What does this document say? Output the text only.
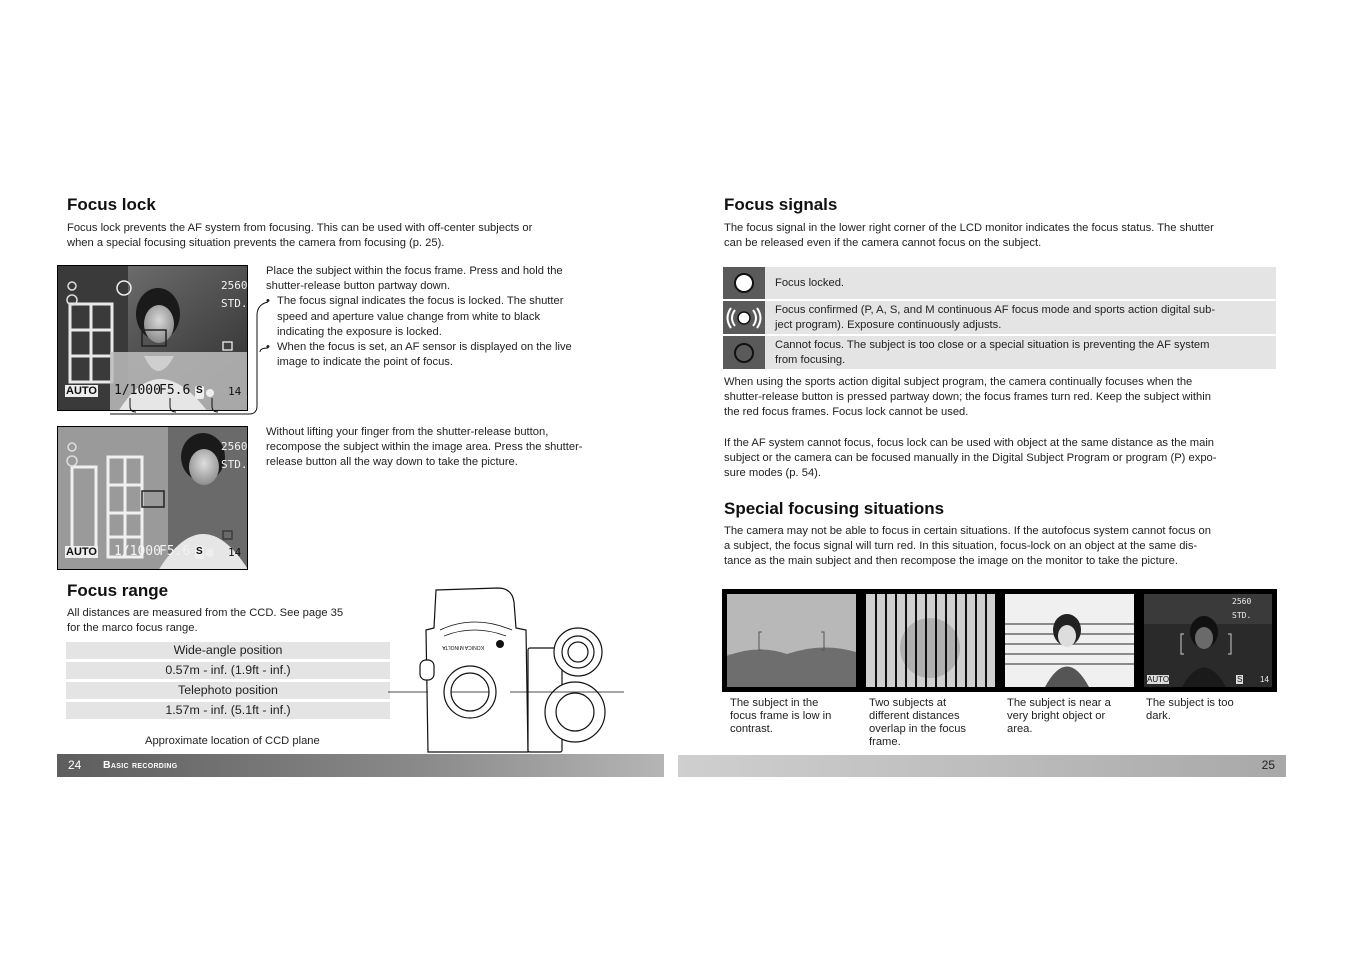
Focus lock
Focus lock prevents the AF system from focusing. This can be used with off-center subjects or
when a special focusing situation prevents the camera from focusing (p. 25).
2560
STD.
AUTO 1/1000
F5.6 S 14
Place the subject within the focus frame. Press and hold the
shutter-release button partway down.
• The focus signal indicates the focus is locked. The shutter
speed and aperture value change from white to black
indicating the exposure is locked.
• When the focus is set, an AF sensor is displayed on the live
image to indicate the point of focus.
2560
STD.
AUTO 1/1000
F5.6 S 14
Without lifting your finger from the shutter-release button,
recompose the subject within the image area. Press the shutter-
release button all the way down to take the picture.
Focus range
All distances are measured from the CCD. See page 35
for the marco focus range.
Wide-angle position
0.57m - inf. (1.9ft - inf.)
Telephoto position
1.57m - inf. (5.1ft - inf.)
Approximate location of CCD plane
KONICA MINOLTA
24 Basic recording
Focus signals
The focus signal in the lower right corner of the LCD monitor indicates the focus status. The shutter
can be released even if the camera cannot focus on the subject.
Focus locked.
Focus confirmed (P, A, S, and M continuous AF focus mode and sports action digital sub-
ject program). Exposure continuously adjusts.
Cannot focus. The subject is too close or a special situation is preventing the AF system
from focusing.
When using the sports action digital subject program, the camera continually focuses when the
shutter-release button is pressed partway down; the focus frames turn red. Keep the subject within
the red focus frames. Focus lock cannot be used.
If the AF system cannot focus, focus lock can be used with object at the same distance as the main
subject or the camera can be focused manually in the Digital Subject Program or program (P) expo-
sure modes (p. 54).
Special focusing situations
The camera may not be able to focus in certain situations. If the autofocus system cannot focus on
a subject, the focus signal will turn red. In this situation, focus-lock on an object at the same dis-
tance as the main subject and then recompose the image on the monitor to take the picture.
2560
STD.
AUTO	S 14
The subject in the
focus frame is low in
contrast.
Two subjects at
different distances
overlap in the focus
frame.
The subject is near a
very bright object or
area.
The subject is too
dark.
25
